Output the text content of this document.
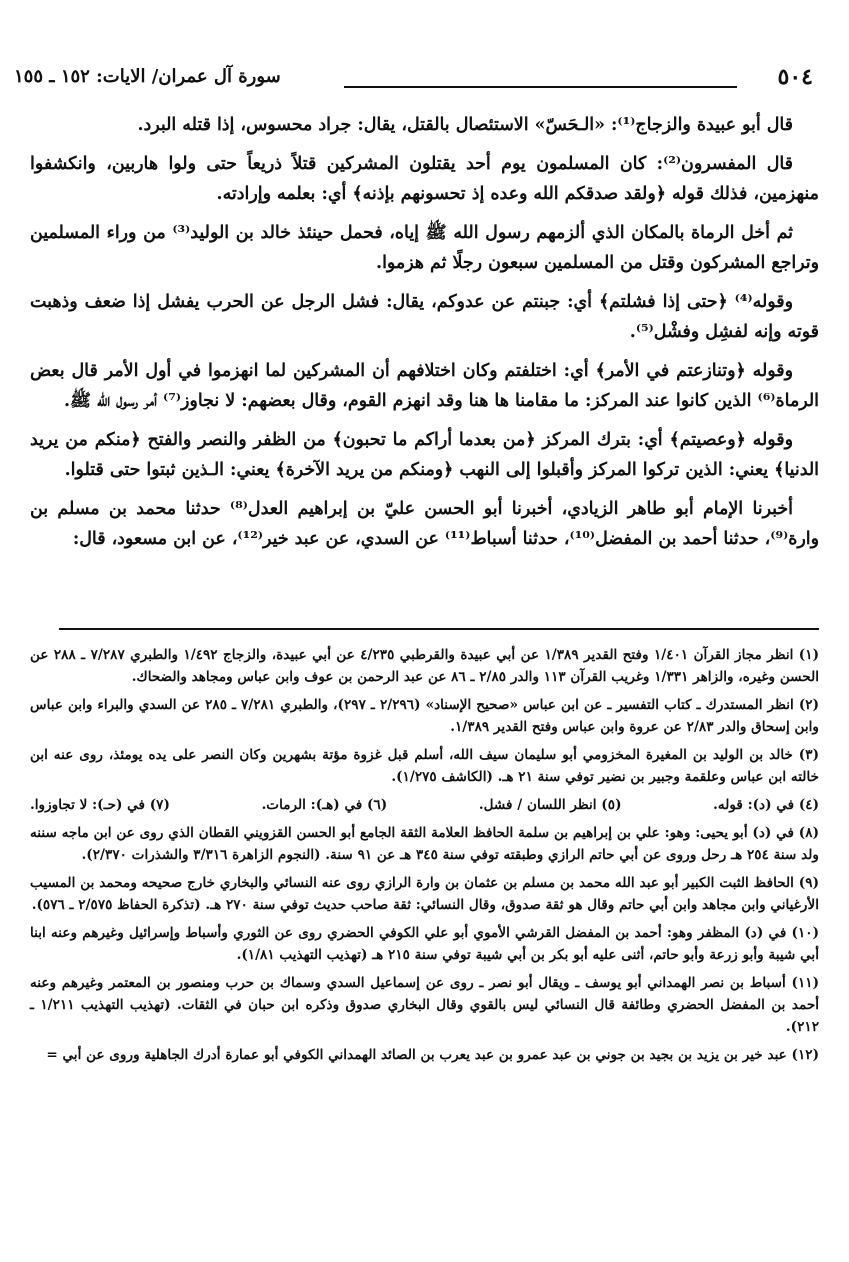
٥٠٤
سورة آل عمران/ الايات: ١٥٢ ـ ١٥٥

قال أبو عبيدة والزجاج⁽¹⁾: «الـحَسّ» الاستئصال بالقتل، يقال: جراد محسوس، إذا قتله البرد.

قال المفسرون⁽²⁾: كان المسلمون يوم أحد يقتلون المشركين قتلاً ذريعاً حتى ولوا هاربين، وانكشفوا منهزمين، فذلك قوله ﴿ولقد صدقكم الله وعده إذ تحسونهم بإذنه﴾ أي: بعلمه وإرادته.

ثم أخل الرماة بالمكان الذي ألزمهم رسول الله ﷺ إياه، فحمل حينئذ خالد بن الوليد⁽³⁾ من وراء المسلمين وتراجع المشركون وقتل من المسلمين سبعون رجلًا ثم هزموا.

وقوله⁽⁴⁾ ﴿حتى إذا فشلتم﴾ أي: جبنتم عن عدوكم، يقال: فشل الرجل عن الحرب يفشل إذا ضعف وذهبت قوته وإنه لفشِل وفشْل⁽⁵⁾.

وقوله ﴿وتنازعتم في الأمر﴾ أي: اختلفتم وكان اختلافهم أن المشركين لما انهزموا في أول الأمر قال بعض الرماة⁽⁶⁾ الذين كانوا عند المركز: ما مقامنا ها هنا وقد انهزم القوم، وقال بعضهم: لا نجاوز⁽⁷⁾ أمر رسول الله ﷺ.

وقوله ﴿وعصيتم﴾ أي: بترك المركز ﴿من بعدما أراكم ما تحبون﴾ من الظفر والنصر والفتح ﴿منكم من يريد الدنيا﴾ يعني: الذين تركوا المركز وأقبلوا إلى النهب ﴿ومنكم من يريد الآخرة﴾ يعني: الـذين ثبتوا حتى قتلوا.

أخبرنا الإمام أبو طاهر الزيادي، أخبرنا أبو الحسن عليّ بن إبراهيم العدل⁽⁸⁾ حدثنا محمد بن مسلم بن وارة⁽⁹⁾، حدثنا أحمد بن المفضل⁽¹⁰⁾، حدثنا أسباط⁽¹¹⁾ عن السدي، عن عبد خير⁽¹²⁾، عن ابن مسعود، قال:

(١) انظر مجاز القرآن ١/٤٠١ وفتح القدير ١/٣٨٩ عن أبي عبيدة والقرطبي ٤/٢٣٥ عن أبي عبيدة، والزجاج ١/٤٩٢ والطبري ٧/٢٨٧ ـ ٢٨٨ عن الحسن وغيره، والزاهر ١/٣٣١ وغريب القرآن ١١٣ والدر ٢/٨٥ ـ ٨٦ عن عبد الرحمن بن عوف وابن عباس ومجاهد والضحاك.

(٢) انظر المستدرك ـ كتاب التفسير ـ عن ابن عباس «صحيح الإسناد» (٢/٢٩٦ ـ ٢٩٧)، والطبري ٧/٢٨١ ـ ٢٨٥ عن السدي والبراء وابن عباس وابن إسحاق والدر ٢/٨٣ عن عروة وابن عباس وفتح القدير ١/٣٨٩.

(٣) خالد بن الوليد بن المغيرة المخزومي أبو سليمان سيف الله، أسلم قبل غزوة مؤتة بشهرين وكان النصر على يده يومئذ، روى عنه ابن خالته ابن عباس وعلقمة وجبير بن نضير توفي سنة ٢١ هـ. (الكاشف ١/٢٧٥).

(٤) في (د): قوله.
(٥) انظر اللسان / فشل.
(٦) في (هـ): الرمات.
(٧) في (حـ): لا تجاوزوا.

(٨) في (د) أبو يحيى: وهو: علي بن إبراهيم بن سلمة الحافظ العلامة الثقة الجامع أبو الحسن القزويني القطان الذي روى عن ابن ماجه سننه ولد سنة ٢٥٤ هـ رحل وروى عن أبي حاتم الرازي وطبقته توفي سنة ٣٤٥ هـ عن ٩١ سنة. (النجوم الزاهرة ٣/٣١٦ والشذرات ٢/٣٧٠).

(٩) الحافظ الثبت الكبير أبو عبد الله محمد بن مسلم بن عثمان بن وارة الرازي روى عنه النسائي والبخاري خارج صحيحه ومحمد بن المسيب الأرغياني وابن مجاهد وابن أبي حاتم وقال هو ثقة صدوق، وقال النسائي: ثقة صاحب حديث توفي سنة ٢٧٠ هـ. (تذكرة الحفاظ ٢/٥٧٥ ـ ٥٧٦).

(١٠) في (د) المظفر وهو: أحمد بن المفضل القرشي الأموي أبو علي الكوفي الحضري روى عن الثوري وأسباط وإسرائيل وغيرهم وعنه ابنا أبي شيبة وأبو زرعة وأبو حاتم، أثنى عليه أبو بكر بن أبي شيبة توفي سنة ٢١٥ هـ (تهذيب التهذيب ١/٨١).

(١١) أسباط بن نصر الهمداني أبو يوسف ـ ويقال أبو نصر ـ روى عن إسماعيل السدي وسماك بن حرب ومنصور بن المعتمر وغيرهم وعنه أحمد بن المفضل الحضري وطائفة قال النسائي ليس بالقوي وقال البخاري صدوق وذكره ابن حبان في الثقات. (تهذيب التهذيب ١/٢١١ ـ ٢١٢).

(١٢) عبد خير بن يزيد بن بجيد بن جوني بن عبد عمرو بن عبد يعرب بن الصائد الهمداني الكوفي أبو عمارة أدرك الجاهلية وروى عن أبي =
